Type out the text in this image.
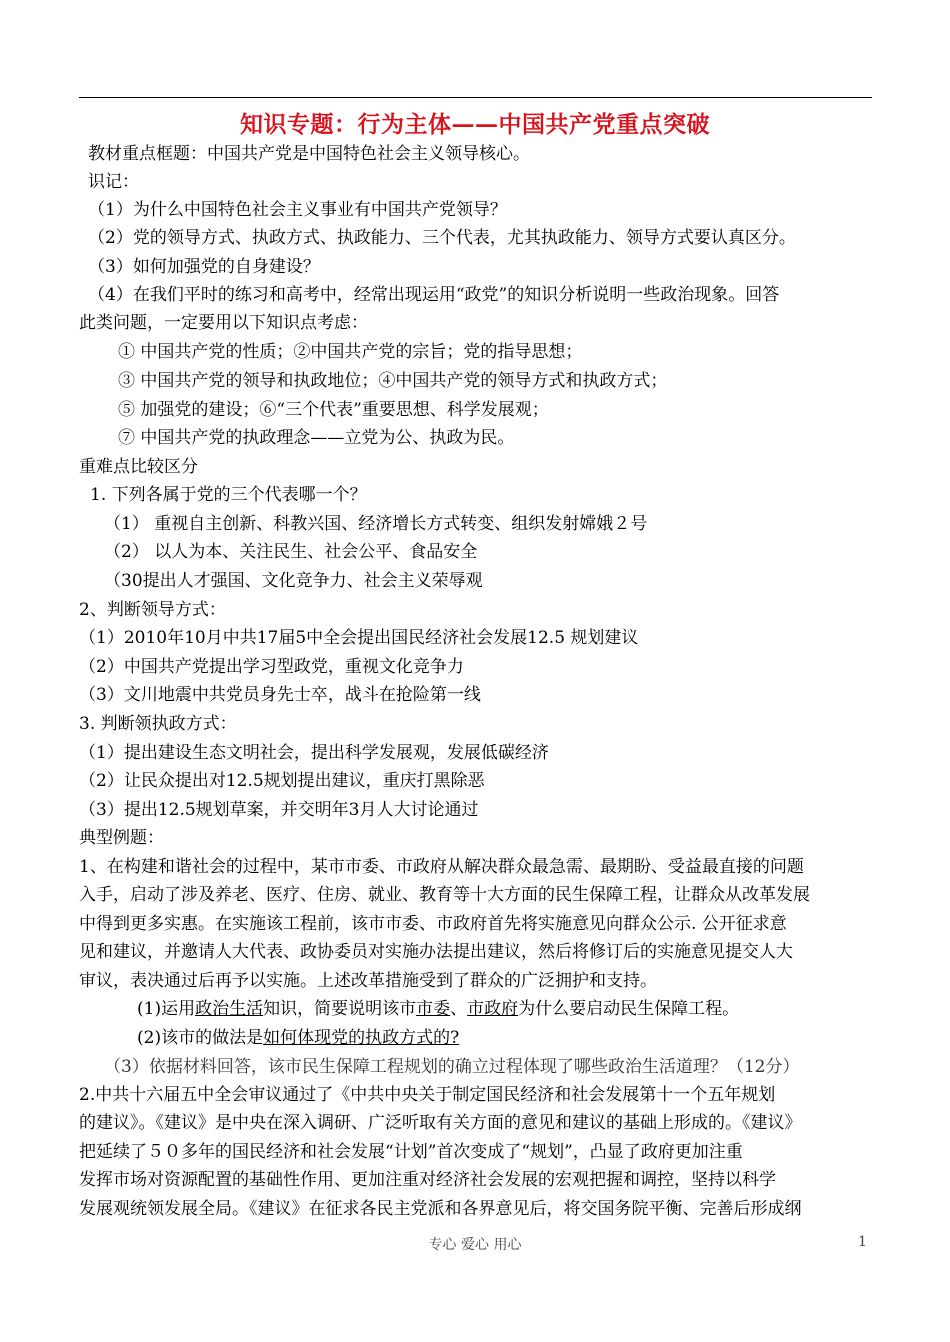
知识专题：行为主体——中国共产党重点突破
教材重点框题：中国共产党是中国特色社会主义领导核心。
识记：
（1）为什么中国特色社会主义事业有中国共产党领导？
（2）党的领导方式、执政方式、执政能力、三个代表，尤其执政能力、领导方式要认真区分。
（3）如何加强党的自身建设？
（4）在我们平时的练习和高考中，经常出现运用“政党”的知识分析说明一些政治现象。回答
此类问题，一定要用以下知识点考虑：
① 中国共产党的性质；②中国共产党的宗旨；党的指导思想；
③ 中国共产党的领导和执政地位；④中国共产党的领导方式和执政方式；
⑤ 加强党的建设；⑥“三个代表”重要思想、科学发展观；
⑦ 中国共产党的执政理念——立党为公、执政为民。
重难点比较区分
1. 下列各属于党的三个代表哪一个？
（1） 重视自主创新、科教兴国、经济增长方式转变、组织发射嫦娥２号
（2） 以人为本、关注民生、社会公平、食品安全
（30提出人才强国、文化竞争力、社会主义荣辱观
2、判断领导方式：
（1）2010年10月中共17届5中全会提出国民经济社会发展12.5 规划建议
（2）中国共产党提出学习型政党，重视文化竞争力
（3）文川地震中共党员身先士卒，战斗在抢险第一线
3. 判断领执政方式：
（1）提出建设生态文明社会，提出科学发展观，发展低碳经济
（2）让民众提出对12.5规划提出建议，重庆打黑除恶
（3）提出12.5规划草案，并交明年3月人大讨论通过
典型例题：
1、在构建和谐社会的过程中，某市市委、市政府从解决群众最急需、最期盼、受益最直接的问题
入手，启动了涉及养老、医疗、住房、就业、教育等十大方面的民生保障工程，让群众从改革发展
中得到更多实惠。在实施该工程前，该市市委、市政府首先将实施意见向群众公示. 公开征求意
见和建议，并邀请人大代表、政协委员对实施办法提出建议，然后将修订后的实施意见提交人大
审议，表决通过后再予以实施。上述改革措施受到了群众的广泛拥护和支持。
(1)运用政治生活知识，简要说明该市市委、市政府为什么要启动民生保障工程。
(2)该市的做法是如何体现党的执政方式的?
（3）依据材料回答，该市民生保障工程规划的确立过程体现了哪些政治生活道理？（12分）
2.中共十六届五中全会审议通过了《中共中央关于制定国民经济和社会发展第十一个五年规划
的建议》。《建议》是中央在深入调研、广泛听取有关方面的意见和建议的基础上形成的。《建议》
把延续了５０多年的国民经济和社会发展“计划”首次变成了“规划”，凸显了政府更加注重
发挥市场对资源配置的基础性作用、更加注重对经济社会发展的宏观把握和调控，坚持以科学
发展观统领发展全局。《建议》在征求各民主党派和各界意见后，将交国务院平衡、完善后形成纲
专心 爱心 用心	1
